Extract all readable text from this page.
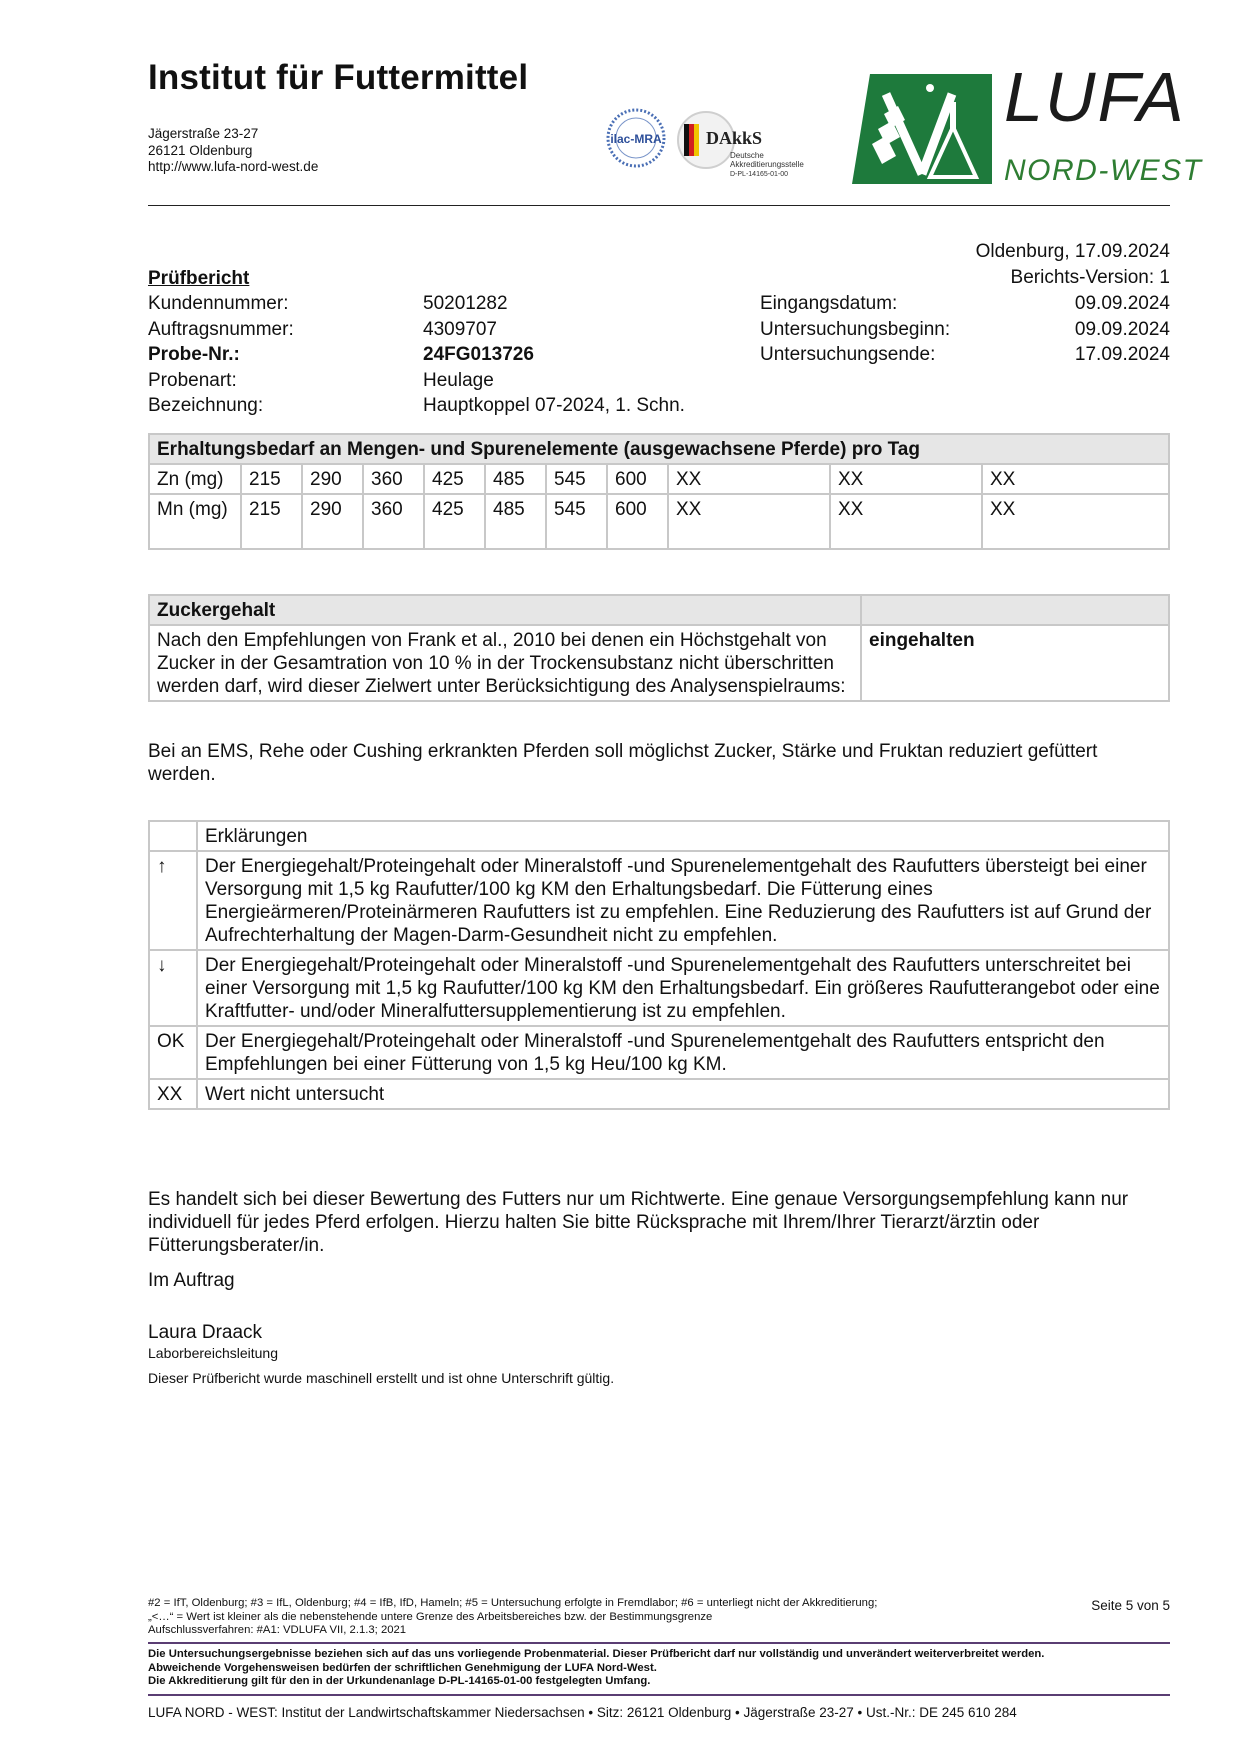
Institut für Futtermittel
Jägerstraße 23-27
26121 Oldenburg
http://www.lufa-nord-west.de
ilac-MRA DAkkS
Deutsche
Akkreditierungsstelle
D-PL-14165-01-00
LUFA
NORD-WEST
Oldenburg, 17.09.2024
Berichts-Version: 1
Prüfbericht
Kundennummer:	50201282
Auftragsnummer:	4309707
Probe-Nr.:	24FG013726
Probenart:	Heulage
Bezeichnung:	Hauptkoppel 07-2024, 1. Schn.
Eingangsdatum:	09.09.2024
Untersuchungsbeginn:	09.09.2024
Untersuchungsende:	17.09.2024
Erhaltungsbedarf an Mengen- und Spurenelemente (ausgewachsene Pferde) pro Tag										
Zn (mg)	215	290	360	425	485	545	600	XX	XX	XX
Mn (mg)	215	290	360	425	485	545	600	XX	XX	XX
Zuckergehalt	
Nach den Empfehlungen von Frank et al., 2010 bei denen ein Höchstgehalt von Zucker in der Gesamtration von 10 % in der Trockensubstanz nicht überschritten werden darf, wird dieser Zielwert unter Berücksichtigung des Analysenspielraums:	eingehalten
Bei an EMS, Rehe oder Cushing erkrankten Pferden soll möglichst Zucker, Stärke und Fruktan reduziert gefüttert werden.
	Erklärungen
↑	Der Energiegehalt/Proteingehalt oder Mineralstoff -und Spurenelementgehalt des Raufutters übersteigt bei einer Versorgung mit 1,5 kg Raufutter/100 kg KM den Erhaltungsbedarf. Die Fütterung eines Energieärmeren/Proteinärmeren Raufutters ist zu empfehlen. Eine Reduzierung des Raufutters ist auf Grund der Aufrechterhaltung der Magen-Darm-Gesundheit nicht zu empfehlen.
↓	Der Energiegehalt/Proteingehalt oder Mineralstoff -und Spurenelementgehalt des Raufutters unterschreitet bei einer Versorgung mit 1,5 kg Raufutter/100 kg KM den Erhaltungsbedarf. Ein größeres Raufutterangebot oder eine Kraftfutter- und/oder Mineralfuttersupplementierung ist zu empfehlen.
OK	Der Energiegehalt/Proteingehalt oder Mineralstoff -und Spurenelementgehalt des Raufutters entspricht den Empfehlungen bei einer Fütterung von 1,5 kg Heu/100 kg KM.
XX	Wert nicht untersucht
Es handelt sich bei dieser Bewertung des Futters nur um Richtwerte. Eine genaue Versorgungsempfehlung kann nur individuell für jedes Pferd erfolgen. Hierzu halten Sie bitte Rücksprache mit Ihrem/Ihrer Tierarzt/ärztin oder Fütterungsberater/in.
Im Auftrag
Laura Draack
Laborbereichsleitung
Dieser Prüfbericht wurde maschinell erstellt und ist ohne Unterschrift gültig.
#2 = IfT, Oldenburg; #3 = IfL, Oldenburg; #4 = IfB, IfD, Hameln; #5 = Untersuchung erfolgte in Fremdlabor; #6 = unterliegt nicht der Akkreditierung;
„<…“ = Wert ist kleiner als die nebenstehende untere Grenze des Arbeitsbereiches bzw. der Bestimmungsgrenze
Aufschlussverfahren: #A1: VDLUFA VII, 2.1.3; 2021
Seite 5 von 5
Die Untersuchungsergebnisse beziehen sich auf das uns vorliegende Probenmaterial. Dieser Prüfbericht darf nur vollständig und unverändert weiterverbreitet werden.
Abweichende Vorgehensweisen bedürfen der schriftlichen Genehmigung der LUFA Nord-West.
Die Akkreditierung gilt für den in der Urkundenanlage D-PL-14165-01-00 festgelegten Umfang.
LUFA NORD - WEST: Institut der Landwirtschaftskammer Niedersachsen • Sitz: 26121 Oldenburg • Jägerstraße 23-27 • Ust.-Nr.: DE 245 610 284
